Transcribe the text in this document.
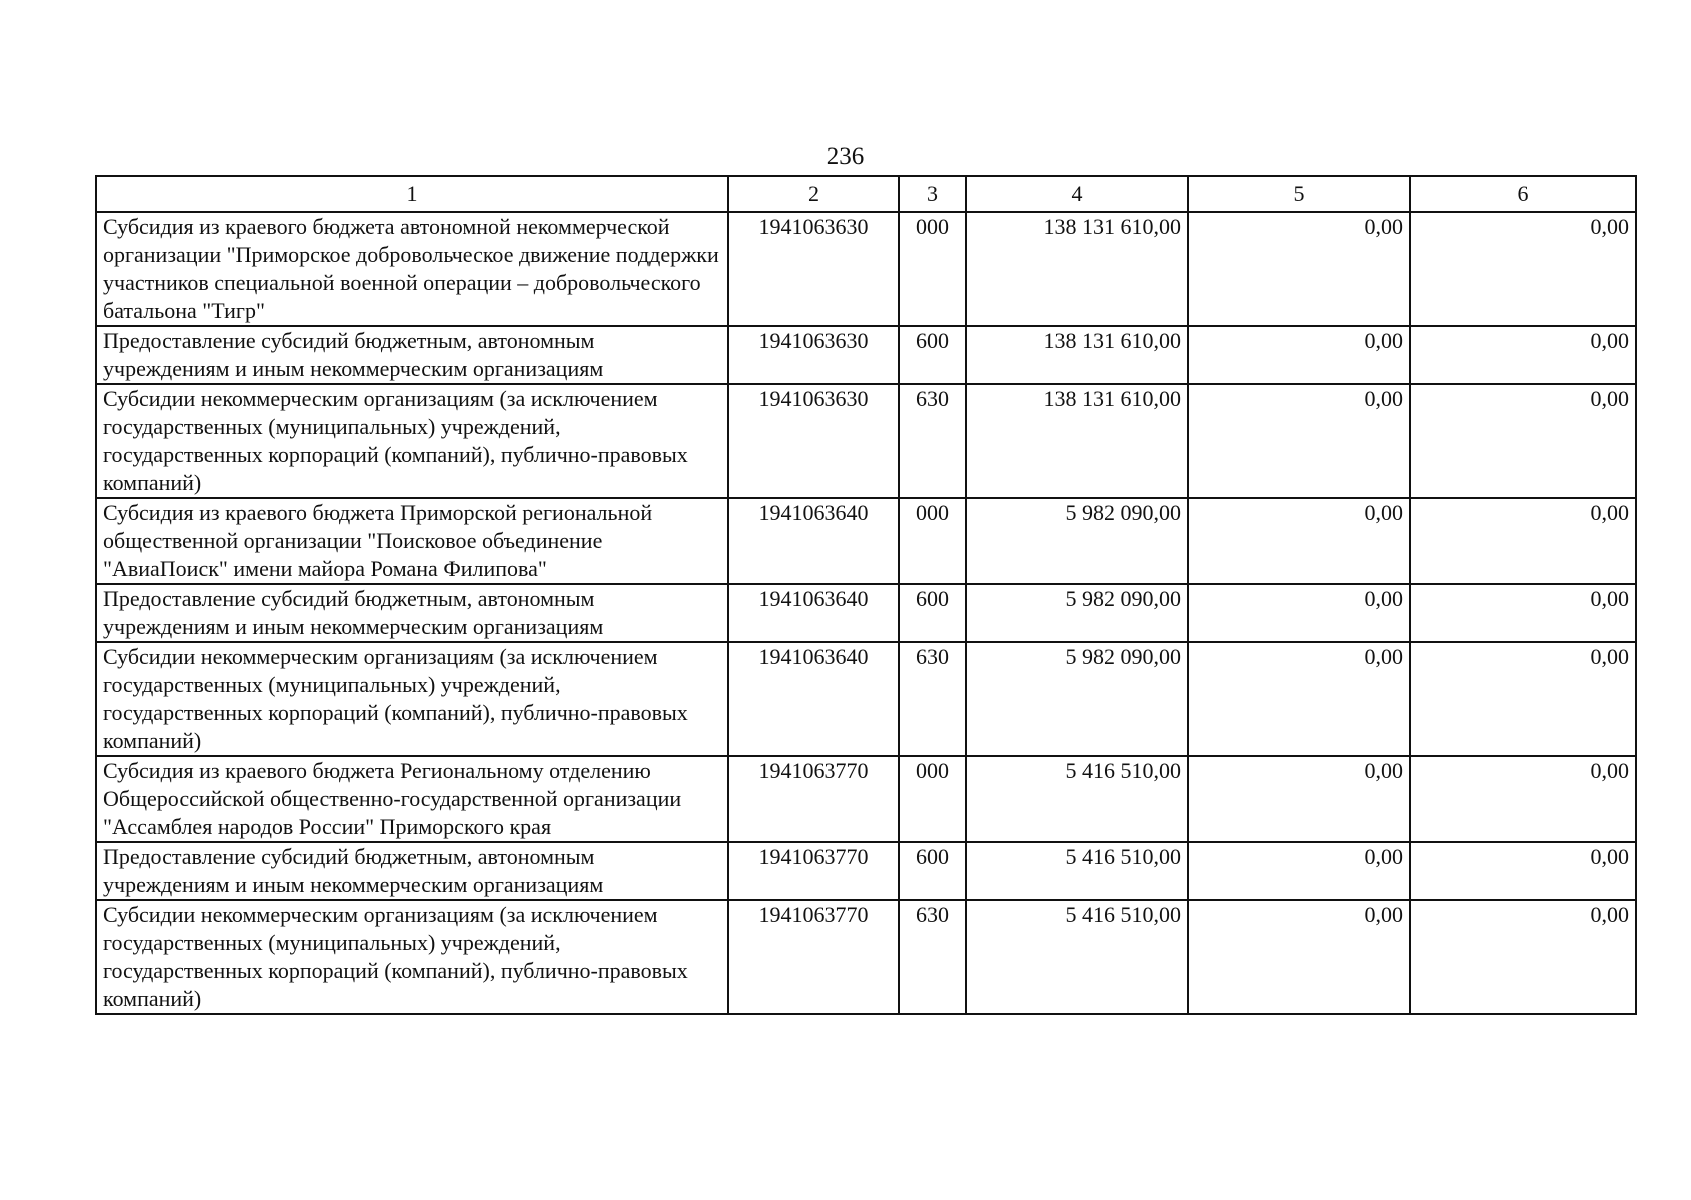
236
1	2	3	4	5	6
Субсидия из краевого бюджета автономной некоммерческой организации "Приморское добровольческое движение поддержки участников специальной военной операции – добровольческого батальона "Тигр"	1941063630	000	138 131 610,00	0,00	0,00
Предоставление субсидий бюджетным, автономным учреждениям и иным некоммерческим организациям	1941063630	600	138 131 610,00	0,00	0,00
Субсидии некоммерческим организациям (за исключением государственных (муниципальных) учреждений, государственных корпораций (компаний), публично-правовых компаний)	1941063630	630	138 131 610,00	0,00	0,00
Субсидия из краевого бюджета Приморской региональной общественной организации "Поисковое объединение "АвиаПоиск" имени майора Романа Филипова"	1941063640	000	5 982 090,00	0,00	0,00
Предоставление субсидий бюджетным, автономным учреждениям и иным некоммерческим организациям	1941063640	600	5 982 090,00	0,00	0,00
Субсидии некоммерческим организациям (за исключением государственных (муниципальных) учреждений, государственных корпораций (компаний), публично-правовых компаний)	1941063640	630	5 982 090,00	0,00	0,00
Субсидия из краевого бюджета Региональному отделению Общероссийской общественно-государственной организации "Ассамблея народов России" Приморского края	1941063770	000	5 416 510,00	0,00	0,00
Предоставление субсидий бюджетным, автономным учреждениям и иным некоммерческим организациям	1941063770	600	5 416 510,00	0,00	0,00
Субсидии некоммерческим организациям (за исключением государственных (муниципальных) учреждений, государственных корпораций (компаний), публично-правовых компаний)	1941063770	630	5 416 510,00	0,00	0,00
